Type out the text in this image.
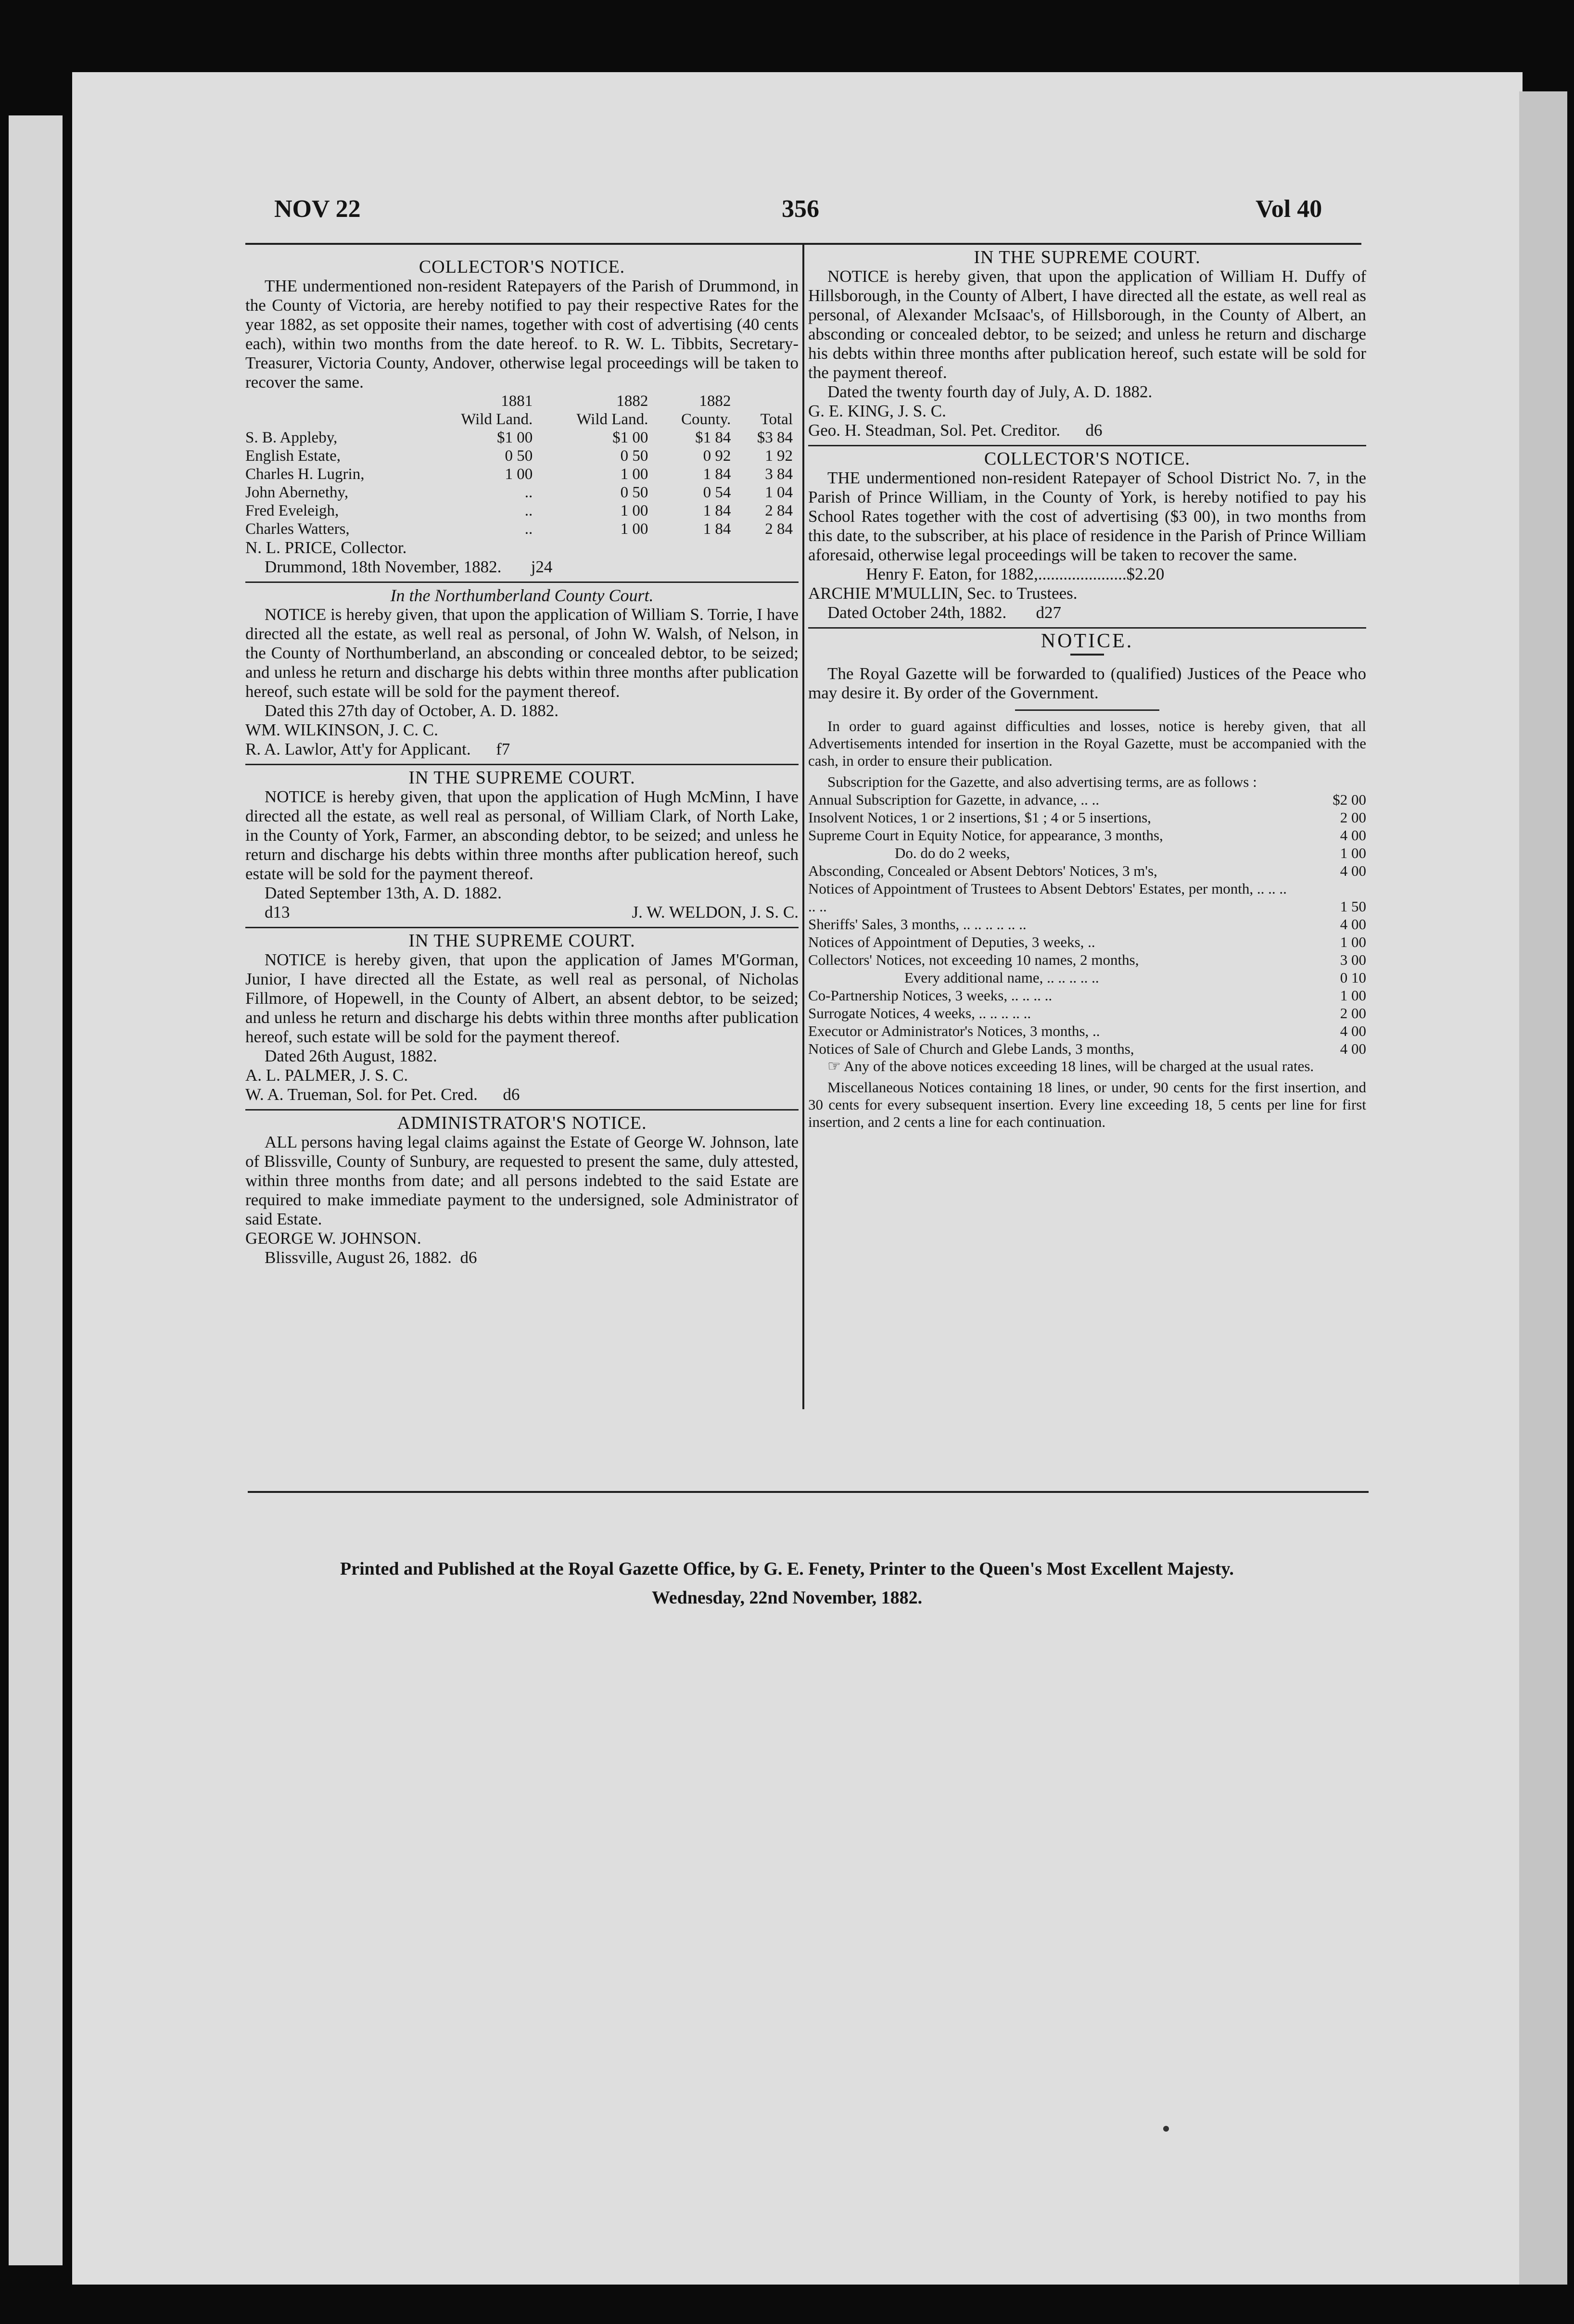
NOV 22	356	Vol 40
COLLECTOR'S NOTICE.

THE undermentioned non-resident Ratepayers of the Parish of Drummond, in the County of Victoria, are hereby notified to pay their respective Rates for the year 1882, as set opposite their names, together with cost of advertising (40 cents each), within two months from the date hereof. to R. W. L. Tibbits, Secretary-Treasurer, Victoria County, Andover, otherwise legal proceedings will be taken to recover the same.

	1881	1882	1882	
	Wild Land.	Wild Land.	County.	Total
S. B. Appleby,	$1 00	$1 00	$1 84	$3 84
English Estate,	0 50	0 50	0 92	1 92
Charles H. Lugrin,	1 00	1 00	1 84	3 84
John Abernethy,	..	0 50	0 54	1 04
Fred Eveleigh,	..	1 00	1 84	2 84
Charles Watters,	..	1 00	1 84	2 84

N. L. PRICE, Collector.

Drummond, 18th November, 1882. j24

In the Northumberland County Court.

NOTICE is hereby given, that upon the application of William S. Torrie, I have directed all the estate, as well real as personal, of John W. Walsh, of Nelson, in the County of Northumberland, an absconding or concealed debtor, to be seized; and unless he return and discharge his debts within three months after publication hereof, such estate will be sold for the payment thereof.

Dated this 27th day of October, A. D. 1882.

WM. WILKINSON, J. C. C.

R. A. Lawlor, Att'y for Applicant. f7

IN THE SUPREME COURT.

NOTICE is hereby given, that upon the application of Hugh McMinn, I have directed all the estate, as well real as personal, of William Clark, of North Lake, in the County of York, Farmer, an absconding debtor, to be seized; and unless he return and discharge his debts within three months after publication hereof, such estate will be sold for the payment thereof.

Dated September 13th, A. D. 1882.

d13	J. W. WELDON, J. S. C.

IN THE SUPREME COURT.

NOTICE is hereby given, that upon the application of James M'Gorman, Junior, I have directed all the Estate, as well real as personal, of Nicholas Fillmore, of Hopewell, in the County of Albert, an absent debtor, to be seized; and unless he return and discharge his debts within three months after publication hereof, such estate will be sold for the payment thereof.

Dated 26th August, 1882.

A. L. PALMER, J. S. C.

W. A. Trueman, Sol. for Pet. Cred. d6

ADMINISTRATOR'S NOTICE.

ALL persons having legal claims against the Estate of George W. Johnson, late of Blissville, County of Sunbury, are requested to present the same, duly attested, within three months from date; and all persons indebted to the said Estate are required to make immediate payment to the undersigned, sole Administrator of said Estate.

GEORGE W. JOHNSON.

Blissville, August 26, 1882. d6

IN THE SUPREME COURT.

NOTICE is hereby given, that upon the application of William H. Duffy of Hillsborough, in the County of Albert, I have directed all the estate, as well real as personal, of Alexander McIsaac's, of Hillsborough, in the County of Albert, an absconding or concealed debtor, to be seized; and unless he return and discharge his debts within three months after publication hereof, such estate will be sold for the payment thereof.

Dated the twenty fourth day of July, A. D. 1882.

G. E. KING, J. S. C.

Geo. H. Steadman, Sol. Pet. Creditor. d6

COLLECTOR'S NOTICE.

THE undermentioned non-resident Ratepayer of School District No. 7, in the Parish of Prince William, in the County of York, is hereby notified to pay his School Rates together with the cost of advertising ($3 00), in two months from this date, to the subscriber, at his place of residence in the Parish of Prince William aforesaid, otherwise legal proceedings will be taken to recover the same.

Henry F. Eaton, for 1882,.....................$2.20

ARCHIE M'MULLIN, Sec. to Trustees.

Dated October 24th, 1882. d27

NOTICE.

The Royal Gazette will be forwarded to (qualified) Justices of the Peace who may desire it. By order of the Government.

In order to guard against difficulties and losses, notice is hereby given, that all Advertisements intended for insertion in the Royal Gazette, must be accompanied with the cash, in order to ensure their publication.

Subscription for the Gazette, and also advertising terms, are as follows :

Annual Subscription for Gazette, in advance, .. ..	$2 00
Insolvent Notices, 1 or 2 insertions, $1 ; 4 or 5 insertions,	2 00
Supreme Court in Equity Notice, for appearance, 3 months,	4 00
Do. do do 2 weeks,	1 00
Absconding, Concealed or Absent Debtors' Notices, 3 m's,	4 00
Notices of Appointment of Trustees to Absent Debtors' Estates, per month, .. .. .. .. ..	1 50
Sheriffs' Sales, 3 months, .. .. .. .. .. ..	4 00
Notices of Appointment of Deputies, 3 weeks, ..	1 00
Collectors' Notices, not exceeding 10 names, 2 months,	3 00
Every additional name, .. .. .. .. ..	0 10
Co-Partnership Notices, 3 weeks, .. .. .. ..	1 00
Surrogate Notices, 4 weeks, .. .. .. .. ..	2 00
Executor or Administrator's Notices, 3 months, ..	4 00
Notices of Sale of Church and Glebe Lands, 3 months,	4 00

☞ Any of the above notices exceeding 18 lines, will be charged at the usual rates.

Miscellaneous Notices containing 18 lines, or under, 90 cents for the first insertion, and 30 cents for every subsequent insertion. Every line exceeding 18, 5 cents per line for first insertion, and 2 cents a line for each continuation.

Printed and Published at the Royal Gazette Office, by G. E. Fenety, Printer to the Queen's Most Excellent Majesty.
Wednesday, 22nd November, 1882.
